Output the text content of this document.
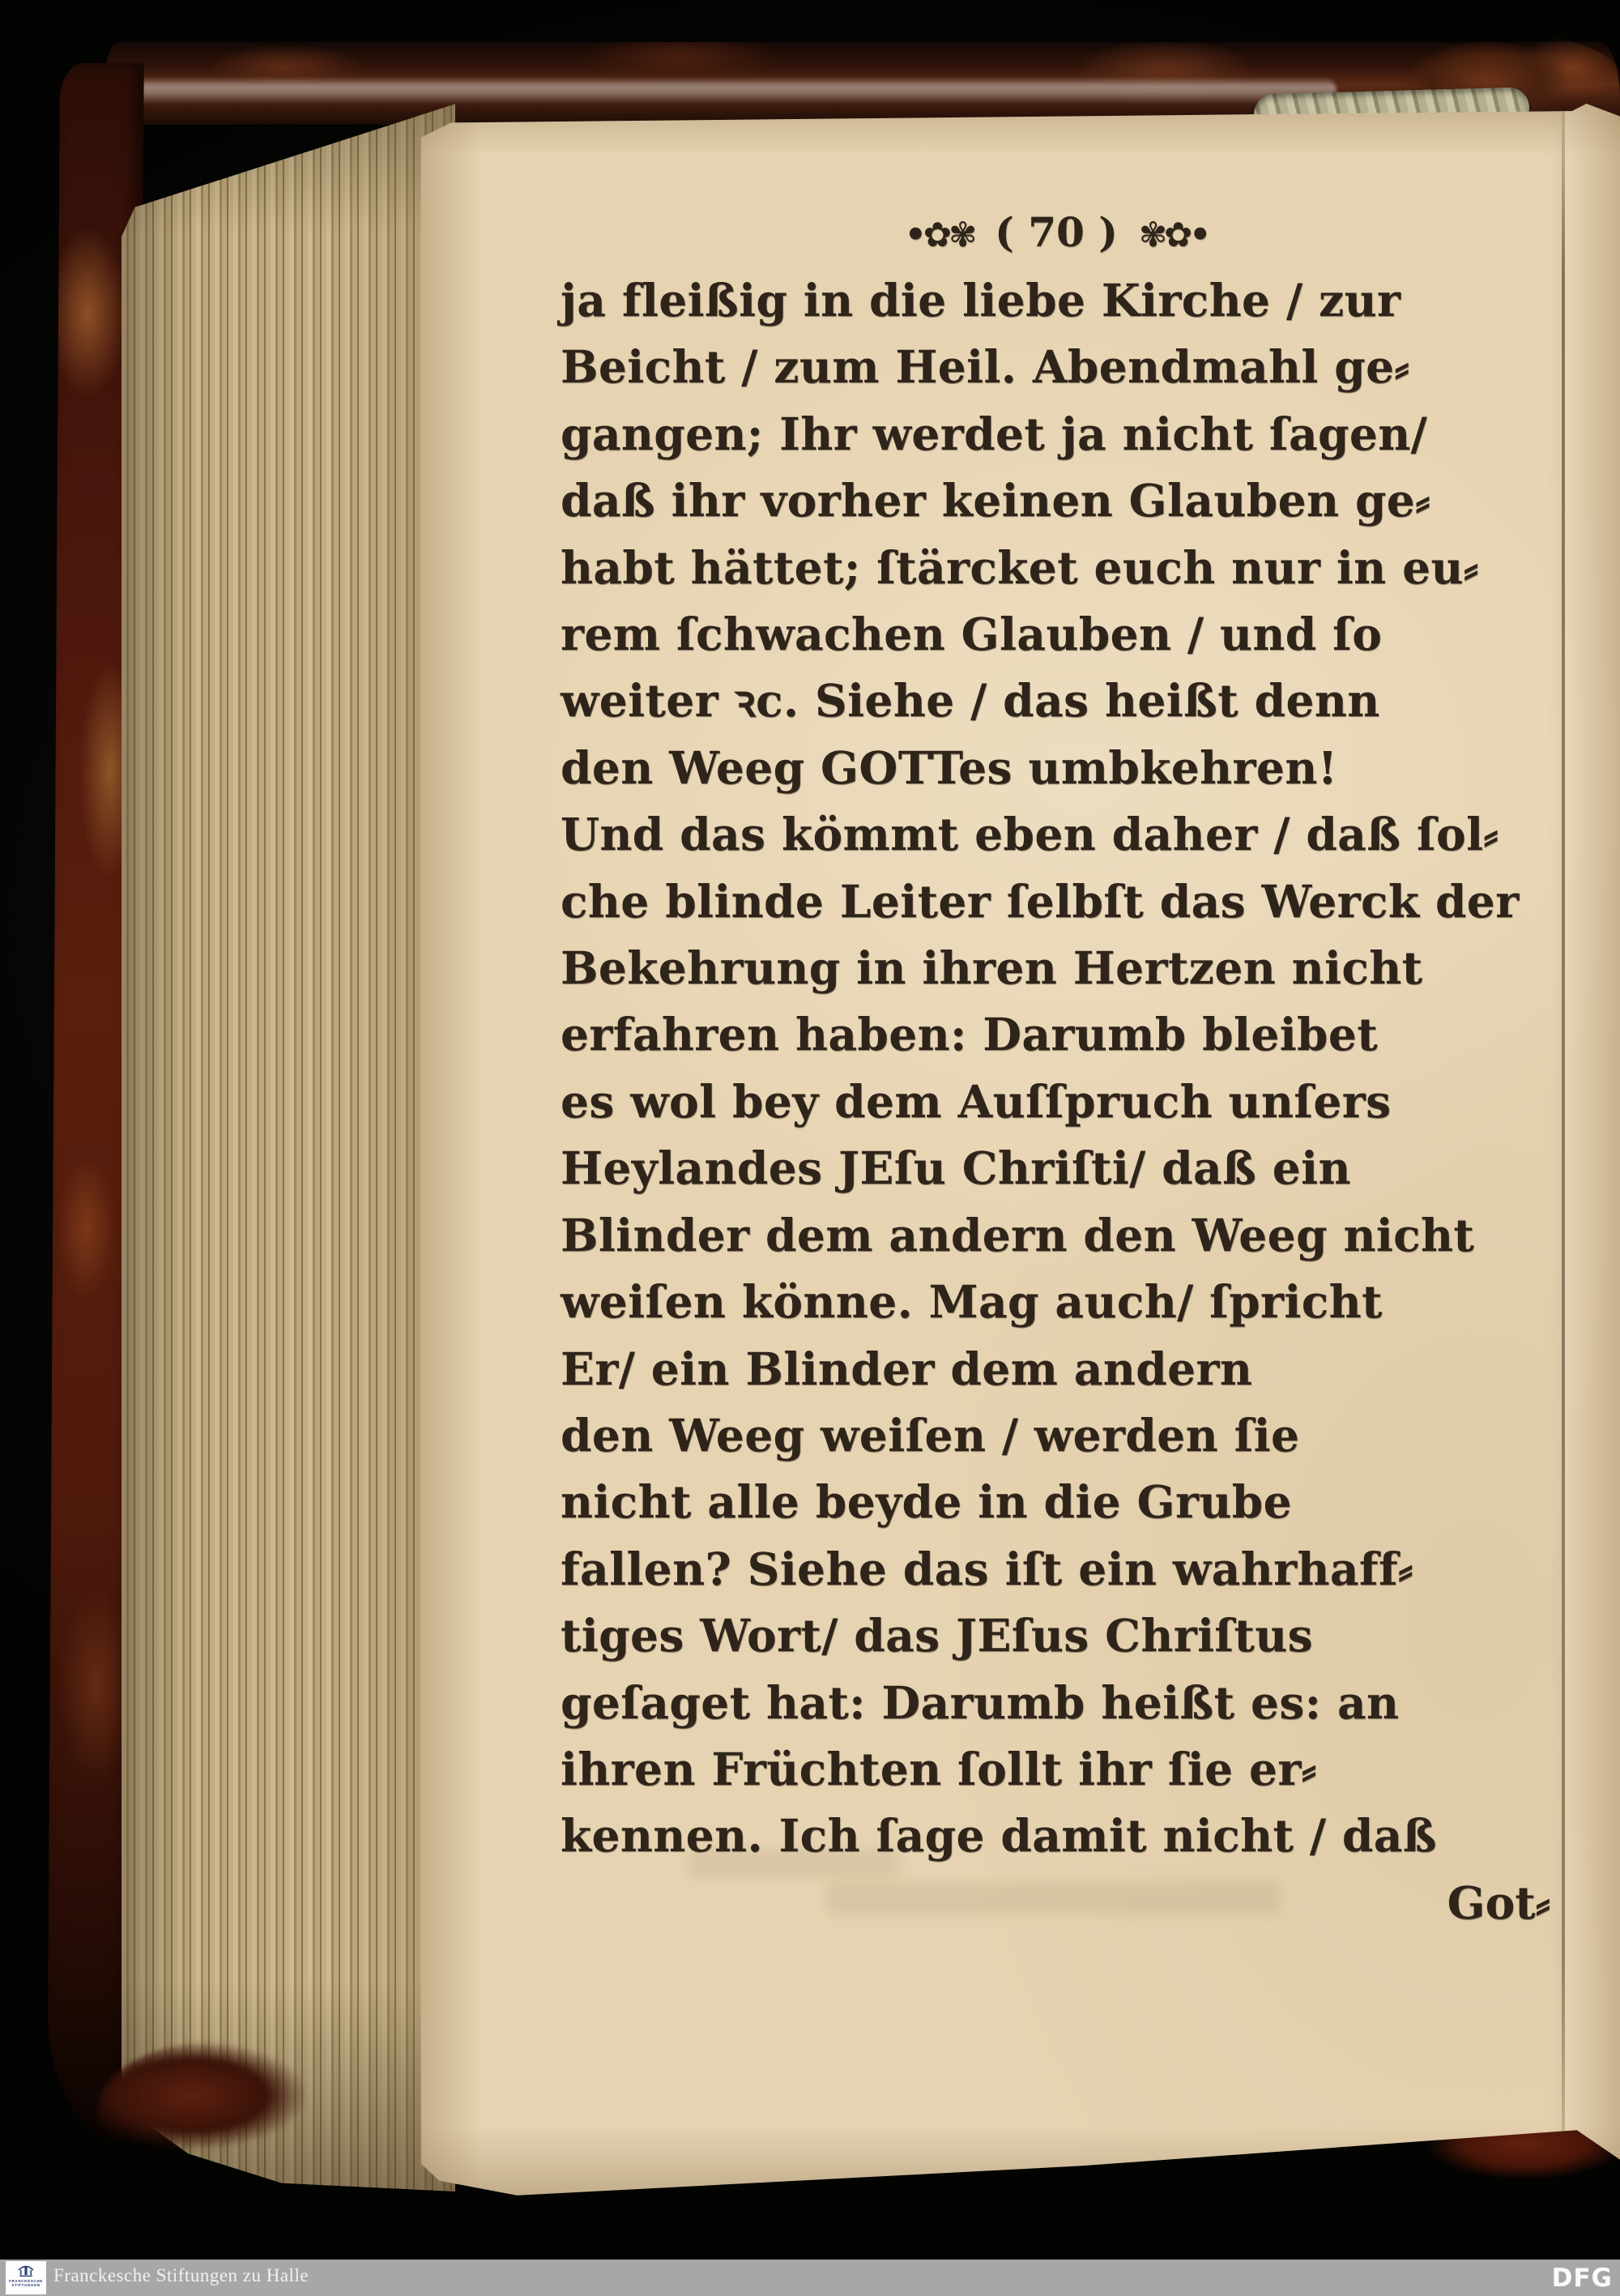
•✿✾ ( 70 ) ✾✿•
ja fleißig in die liebe Kirche / zur
Beicht / zum Heil. Abendmahl ge⸗
gangen; Ihr werdet ja nicht ſagen/
daß ihr vorher keinen Glauben ge⸗
habt hättet; ſtärcket euch nur in eu⸗
rem ſchwachen Glauben / und ſo
weiter ꝛc. Siehe / das heißt denn
den Weeg GOTTes umbkehren!
Und das kömmt eben daher / daß ſol⸗
che blinde Leiter ſelbſt das Werck der
Bekehrung in ihren Hertzen nicht
erfahren haben: Darumb bleibet
es wol bey dem Auſſpruch unſers
Heylandes JEſu Chriſti/ daß ein
Blinder dem andern den Weeg nicht
weiſen könne. Mag auch/ ſpricht
Er/ ein Blinder dem andern
den Weeg weiſen / werden ſie
nicht alle beyde in die Grube
fallen? Siehe das iſt ein wahrhaff⸗
tiges Wort/ das JEſus Chriſtus
geſaget hat: Darumb heißt es: an
ihren Früchten ſollt ihr ſie er⸗
kennen. Ich ſage damit nicht / daß
Got⸗
FRANCKESCHE
STIFTUNGEN Franckesche Stiftungen zu Halle	DFG
